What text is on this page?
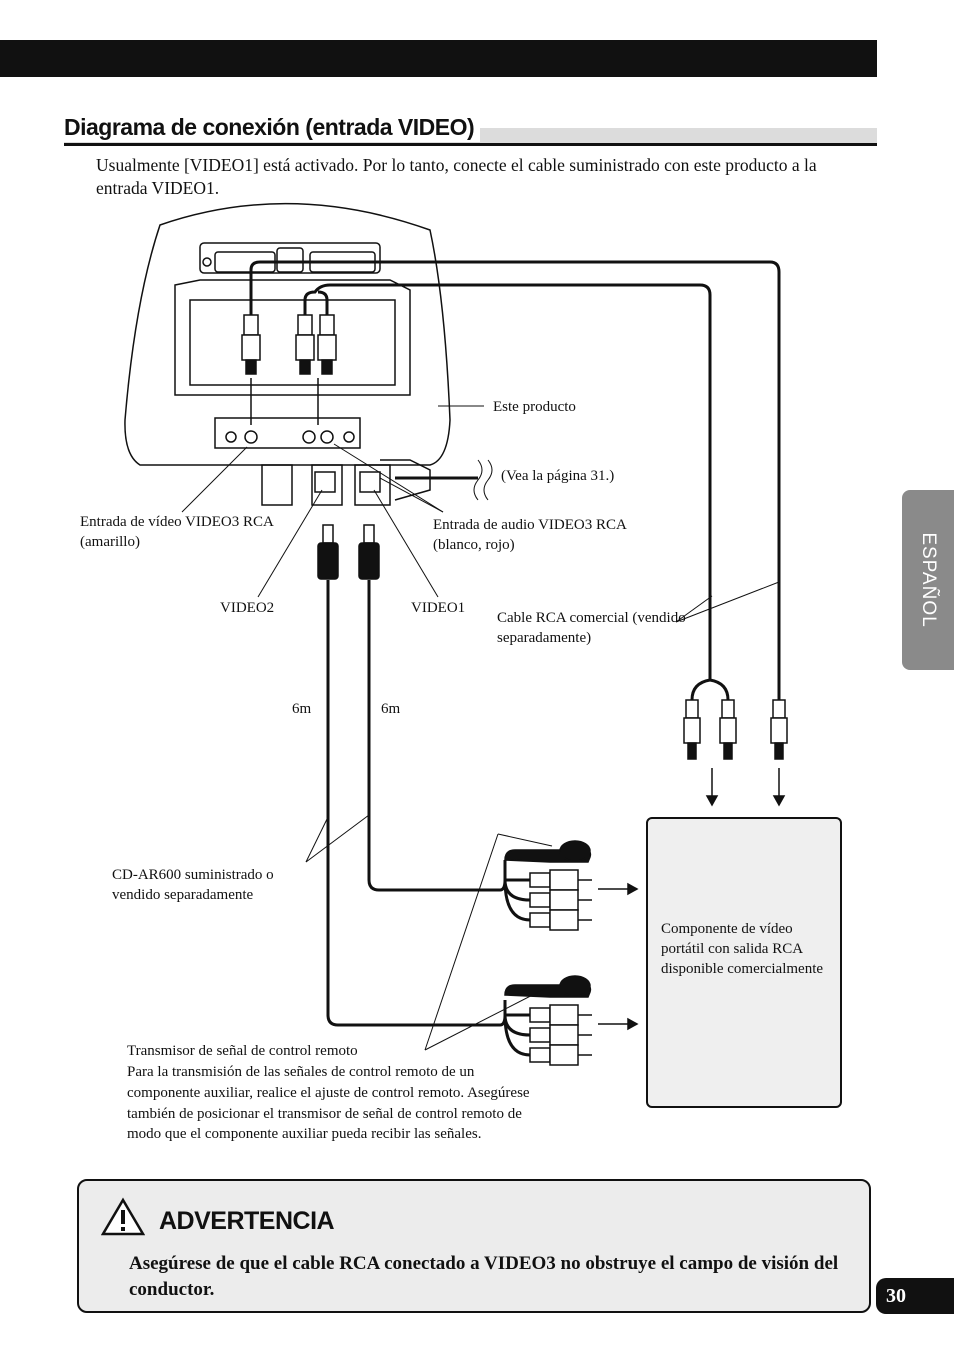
Diagrama de conexión (entrada VIDEO)
Usualmente [VIDEO1] está activado. Por lo tanto, conecte el cable suministrado con este producto a la entrada VIDEO1.
Este producto
(Vea la página 31.)
Entrada de vídeo VIDEO3 RCA (amarillo)
Entrada de audio VIDEO3 RCA (blanco, rojo)
VIDEO2	VIDEO1
Cable RCA comercial (vendido separadamente)
6m	6m
CD-AR600 suministrado o vendido separadamente
Componente de vídeo portátil con salida RCA disponible comercialmente
Transmisor de señal de control remoto
Para la transmisión de las señales de control remoto de un componente auxiliar, realice el ajuste de control remoto. Asegúrese también de posicionar el transmisor de señal de control remoto de modo que el componente auxiliar pueda recibir las señales.
ESPAÑOL
ADVERTENCIA
Asegúrese de que el cable RCA conectado a VIDEO3 no obstruye el campo de visión del conductor.	30
